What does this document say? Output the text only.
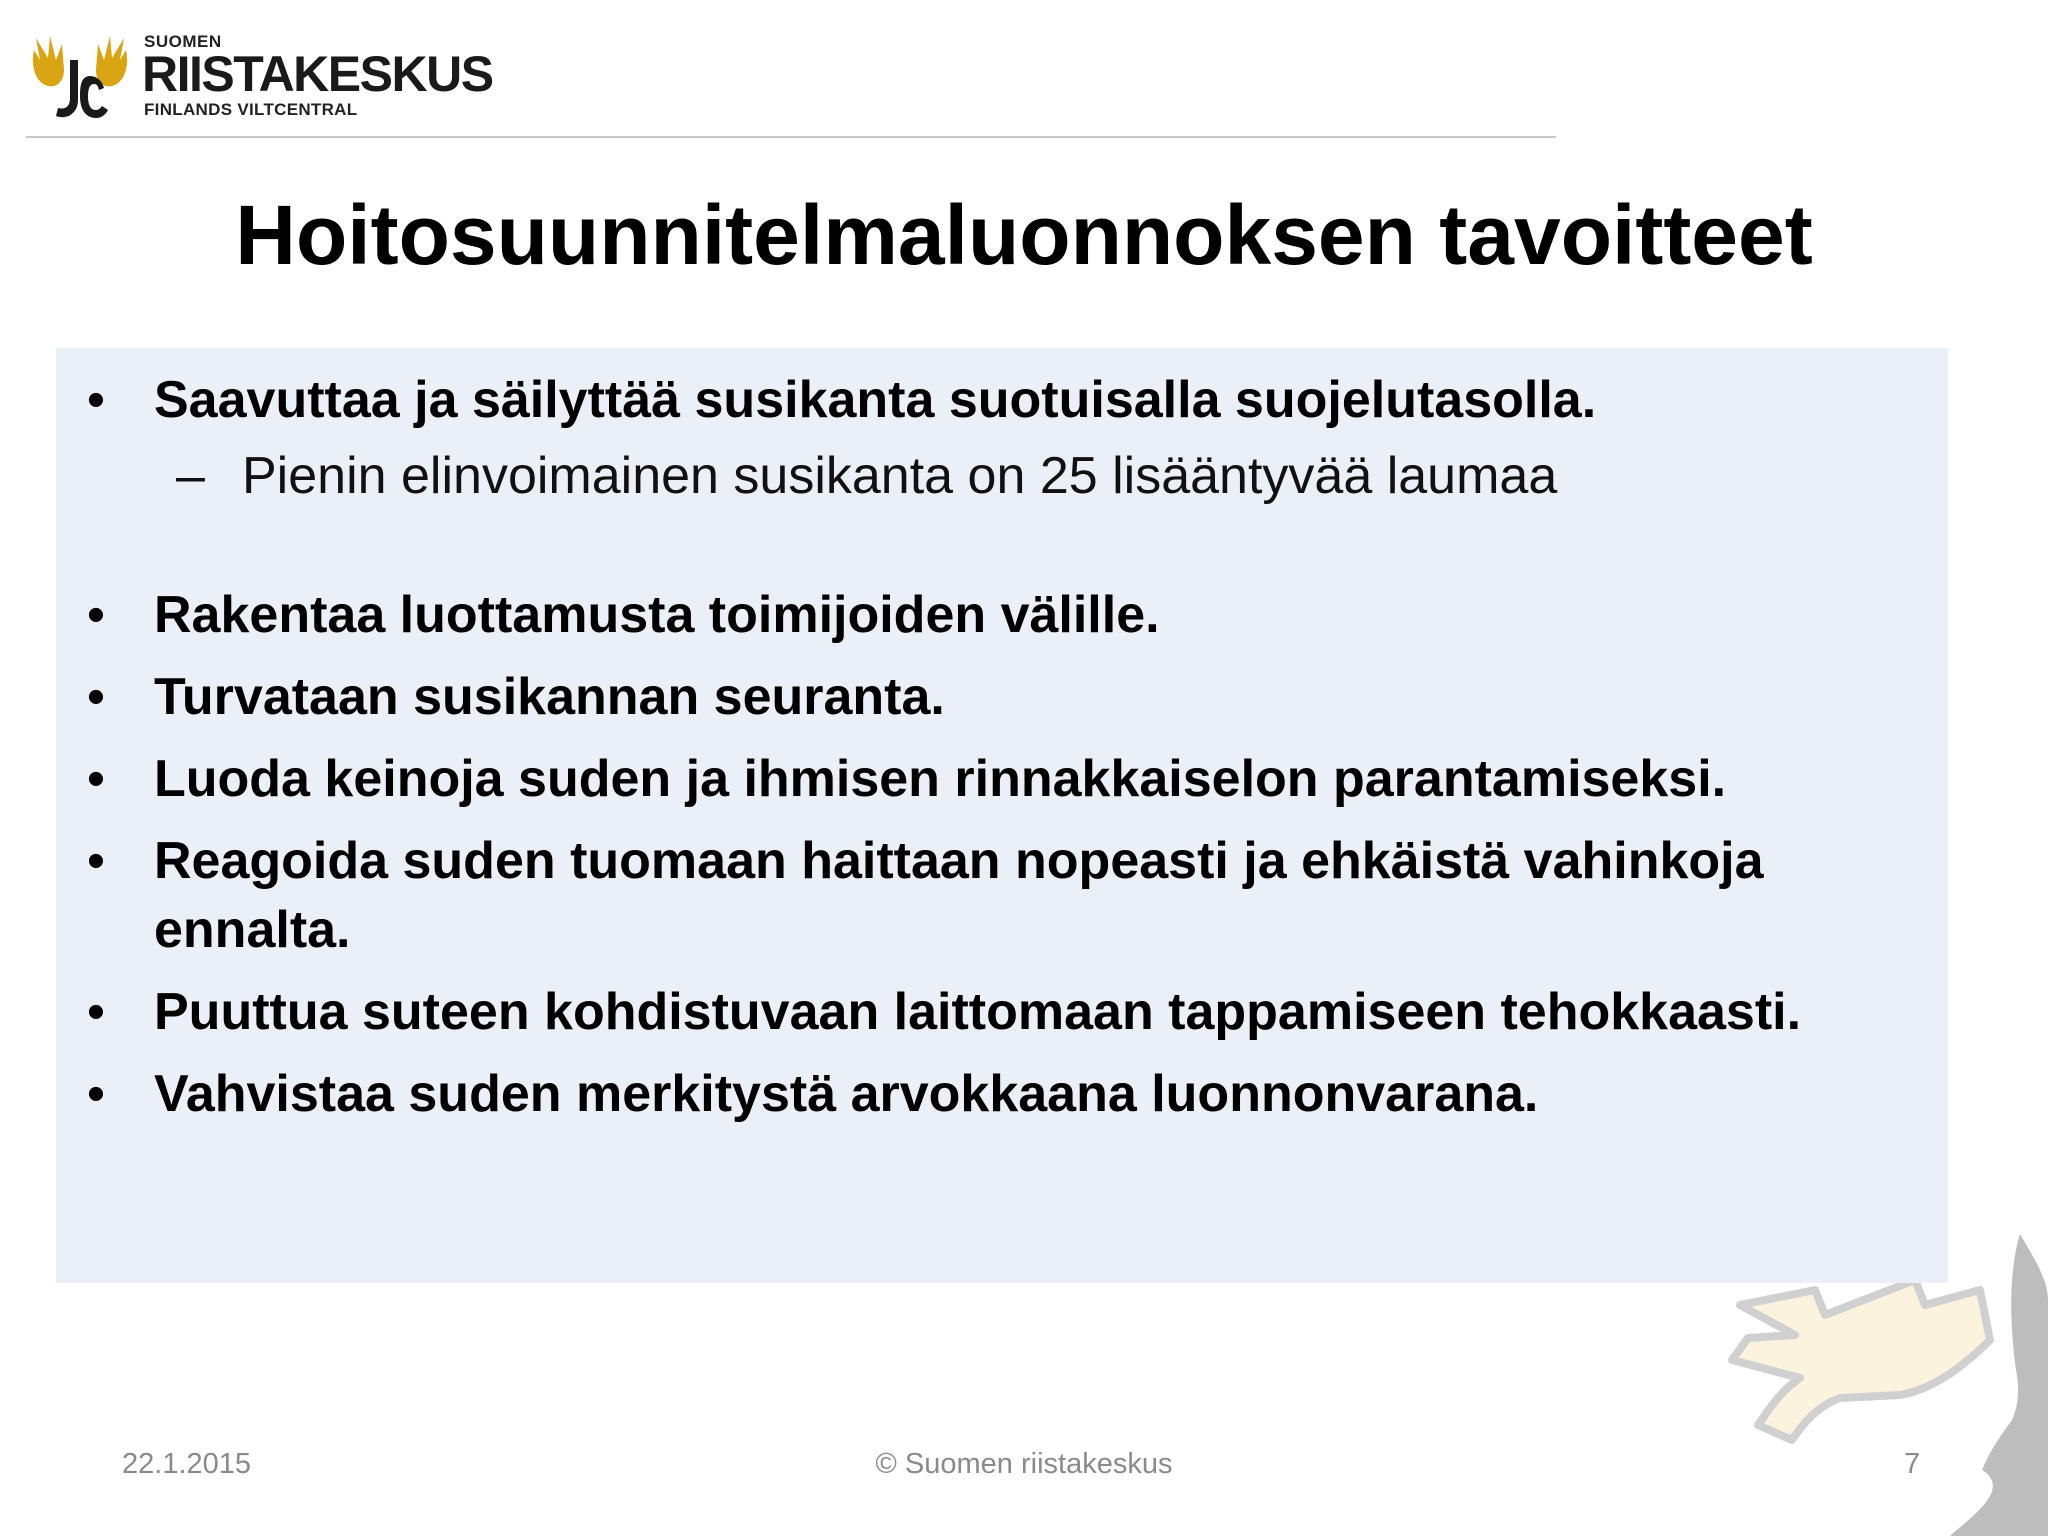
SUOMEN
RIISTAKESKUS
FINLANDS VILTCENTRAL
Hoitosuunnitelmaluonnoksen tavoitteet
• Saavuttaa ja säilyttää susikanta suotuisalla suojelutasolla.
– Pienin elinvoimainen susikanta on 25 lisääntyvää laumaa
• Rakentaa luottamusta toimijoiden välille.
• Turvataan susikannan seuranta.
• Luoda keinoja suden ja ihmisen rinnakkaiselon parantamiseksi.
• Reagoida suden tuomaan haittaan nopeasti ja ehkäistä vahinkoja ennalta.
• Puuttua suteen kohdistuvaan laittomaan tappamiseen tehokkaasti.
• Vahvistaa suden merkitystä arvokkaana luonnonvarana.
22.1.2015	© Suomen riistakeskus	7
